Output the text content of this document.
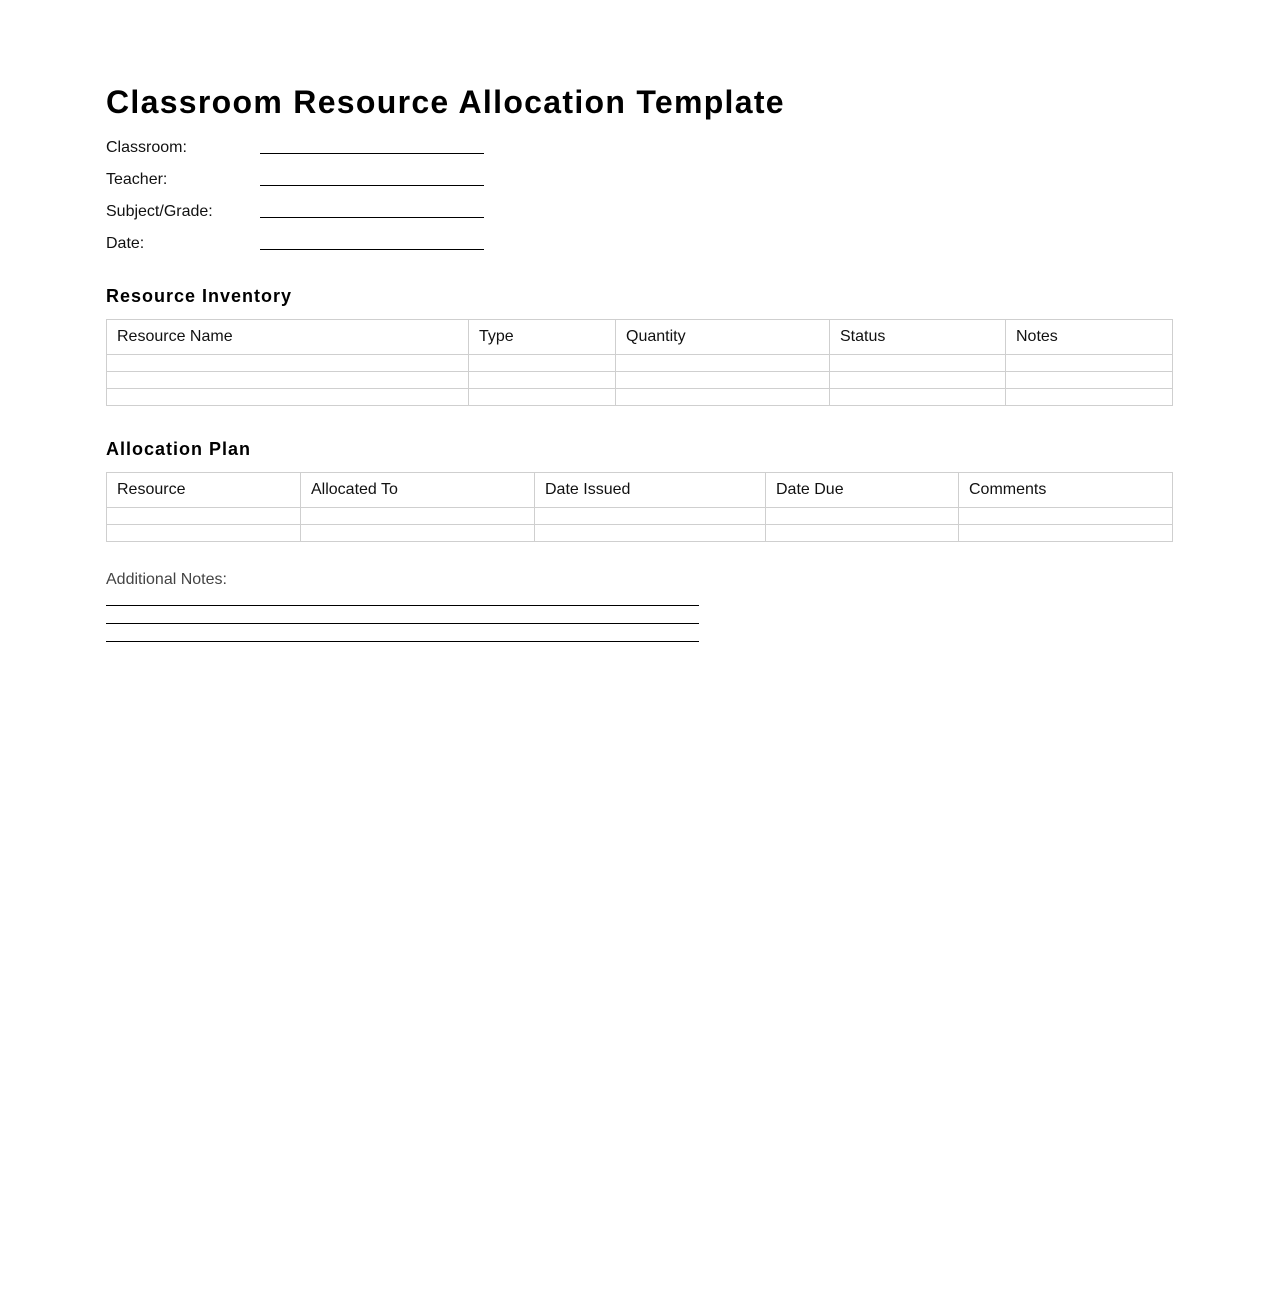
Classroom Resource Allocation Template
Classroom:
Teacher:
Subject/Grade:
Date:
Resource Inventory
Resource Name	Type	Quantity	Status	Notes

Allocation Plan
Resource	Allocated To	Date Issued	Date Due	Comments

Additional Notes:
